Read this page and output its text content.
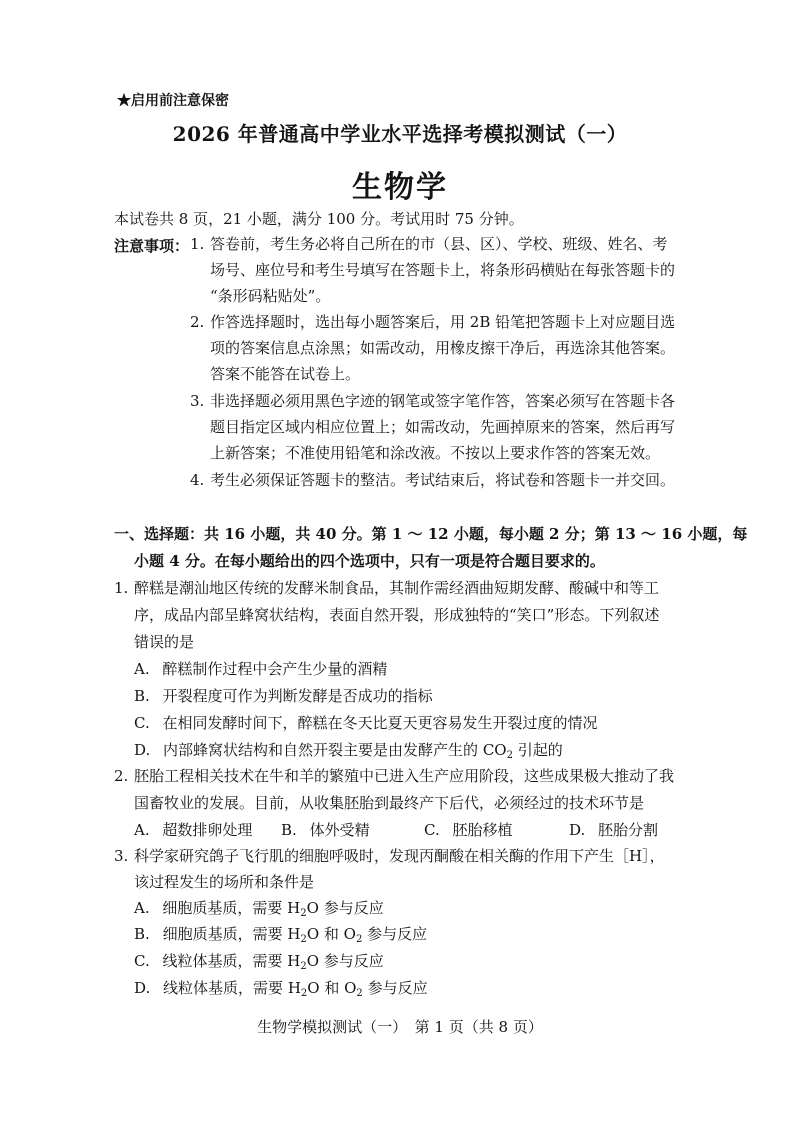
★启用前注意保密
2026 年普通高中学业水平选择考模拟测试（一）
生物学
本试卷共 8 页，21 小题，满分 100 分。考试用时 75 分钟。
注意事项： 1. 答卷前，考生务必将自己所在的市（县、区）、学校、班级、姓名、考
场号、座位号和考生号填写在答题卡上，将条形码横贴在每张答题卡的
“条形码粘贴处”。
2. 作答选择题时，选出每小题答案后，用 2B 铅笔把答题卡上对应题目选
项的答案信息点涂黑；如需改动，用橡皮擦干净后，再选涂其他答案。
答案不能答在试卷上。
3. 非选择题必须用黑色字迹的钢笔或签字笔作答，答案必须写在答题卡各
题目指定区域内相应位置上；如需改动，先画掉原来的答案，然后再写
上新答案；不准使用铅笔和涂改液。不按以上要求作答的答案无效。
4. 考生必须保证答题卡的整洁。考试结束后，将试卷和答题卡一并交回。
一、选择题：共 16 小题，共 40 分。第 1 ～ 12 小题，每小题 2 分；第 13 ～ 16 小题，每
小题 4 分。在每小题给出的四个选项中，只有一项是符合题目要求的。
1. 醉糕是潮汕地区传统的发酵米制食品，其制作需经酒曲短期发酵、酸碱中和等工
序，成品内部呈蜂窝状结构，表面自然开裂，形成独特的“笑口”形态。下列叙述
错误的是
A. 醉糕制作过程中会产生少量的酒精
B. 开裂程度可作为判断发酵是否成功的指标
C. 在相同发酵时间下，醉糕在冬天比夏天更容易发生开裂过度的情况
D. 内部蜂窝状结构和自然开裂主要是由发酵产生的 $CO_2$ 引起的
2. 胚胎工程相关技术在牛和羊的繁殖中已进入生产应用阶段，这些成果极大推动了我
国畜牧业的发展。目前，从收集胚胎到最终产下后代，必须经过的技术环节是
A. 超数排卵处理 B. 体外受精	C. 胚胎移植	D. 胚胎分割
3. 科学家研究鸽子飞行肌的细胞呼吸时，发现丙酮酸在相关酶的作用下产生［H］，
该过程发生的场所和条件是
A. 细胞质基质，需要 $H_2O$ 参与反应
B. 细胞质基质，需要 $H_2O$ 和 $O_2$ 参与反应
C. 线粒体基质，需要 $H_2O$ 参与反应
D. 线粒体基质，需要 $H_2O$ 和 $O_2$ 参与反应
生物学模拟测试（一）　第 1 页（共 8 页）
